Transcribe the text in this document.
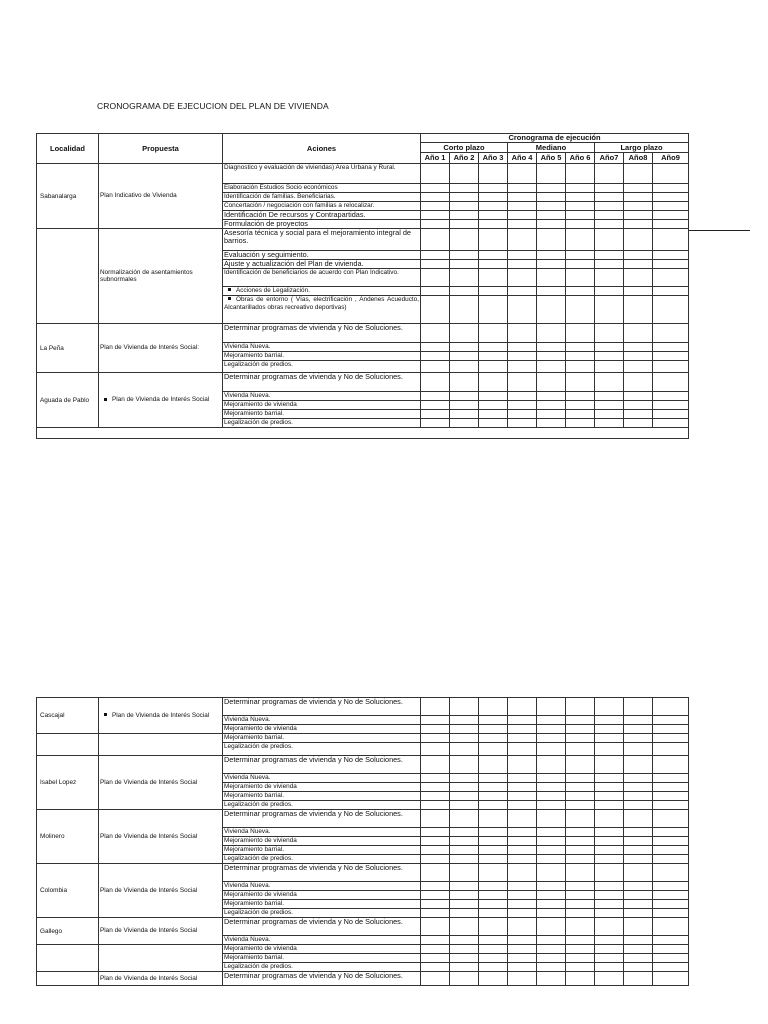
CRONOGRAMA DE EJECUCION DEL PLAN DE VIVIENDA
Localidad	Propuesta	Aciones	Cronograma de ejecución								
			Corto plazo			Mediano			Largo plazo		
			Año 1	Año 2	Año 3	Año 4	Año 5	Año 6	Año7	Año8	Año9
Sabanalarga	Plan Indicativo de Vivienda	Diagnostico y evaluación de viviendas) Area Urbana y Rural.				

		Elaboración Estudios Socio económicos						

		Identificación de familias. Beneficiarias.								

		Concertación / negociación con familias a relocalizar.	

		Identificación De recursos y Contrapartidas.	

		Formulación de proyectos			

	Normalización de asentamientos subnormales	Asesoría técnica y social para el mejoramiento integral de barrios.					

		Evaluación y seguimiento.							

		Ajuste y actualización del Plan de vivienda.							

		Identificación de beneficiarios de acuerdo con Plan Indicativo.		

		Acciones de Legalización.		

		Obras de entorno ( Vías, electrificación , Andenes Acueducto, Alcantarillados obras recreativo deportivas)				

La Peña	Plan de Vivienda de Interés Social:	Determinar programas de vivienda y No de Soluciones.						

		Vivienda Nueva.								

		Mejoramiento barrial.	

		Legalización de predios.	

Aguada de Pablo	Plan de Vivienda de Interés Social	Determinar programas de vivienda y No de Soluciones.			

		Vivienda Nueva.					

		Mejoramiento de vivienda							

		Mejoramiento barrial.							

		Legalización de predios.		

Cascajal	Plan de Vivienda de Interés Social	Determinar programas de vivienda y No de Soluciones.	

		Vivienda Nueva.	

		Mejoramiento de vivienda			

		Mejoramiento barrial.					

		Legalización de predios.							

Isabel Lopez	Plan de Vivienda de Interés Social	Determinar programas de vivienda y No de Soluciones.							

		Vivienda Nueva.		

		Mejoramiento de vivienda		

		Mejoramiento barrial.				

		Legalización de predios.						

Molinero	Plan de Vivienda de Interés Social	Determinar programas de vivienda y No de Soluciones.								

		Vivienda Nueva.	

		Mejoramiento de vivienda	

		Mejoramiento barrial.			

		Legalización de predios.					

Colombia	Plan de Vivienda de Interés Social	Determinar programas de vivienda y No de Soluciones.							

		Vivienda Nueva.							

		Mejoramiento de vivienda		

		Mejoramiento barrial.		

		Legalización de predios.				

Gallego	Plan de Vivienda de Interés Social	Determinar programas de vivienda y No de Soluciones.						

		Vivienda Nueva.								

		Mejoramiento de vivienda	

		Mejoramiento barrial.	

		Legalización de predios.			

	Plan de Vivienda de Interés Social	Determinar programas de vivienda y No de Soluciones.					
